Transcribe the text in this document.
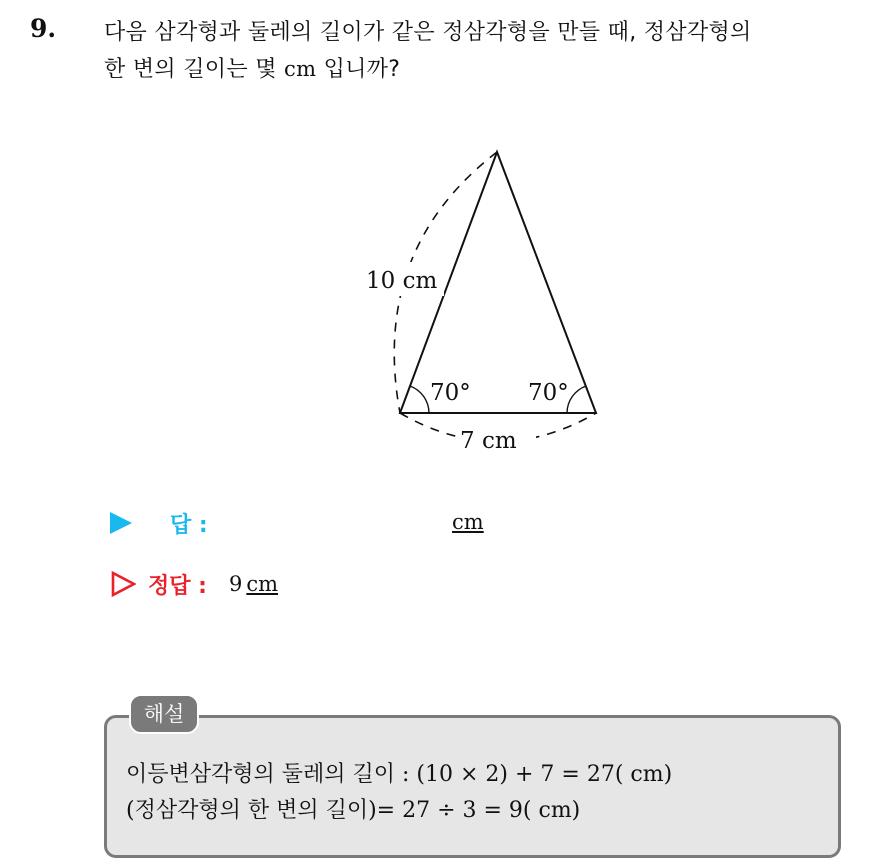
9. 다음 삼각형과 둘레의 길이가 같은 정삼각형을 만들 때, 정삼각형의
한 변의 길이는 몇 cm 입니까?
10 cm
7 cm
70° 70°
답 :	cm
정답 : 9 cm
해설
이등변삼각형의 둘레의 길이 : (10 × 2) + 7 = 27( cm)
(정삼각형의 한 변의 길이)= 27 ÷ 3 = 9( cm)
